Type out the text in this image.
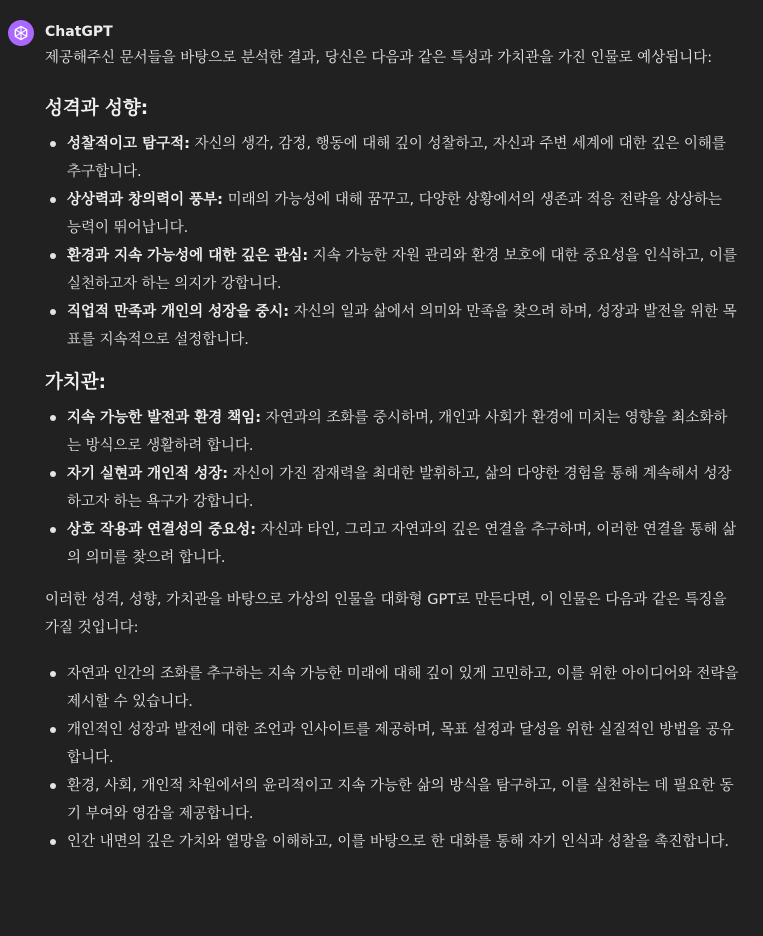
ChatGPT

제공해주신 문서들을 바탕으로 분석한 결과, 당신은 다음과 같은 특성과 가치관을 가진 인물로 예상됩니다:

성격과 성향:
성찰적이고 탐구적: 자신의 생각, 감정, 행동에 대해 깊이 성찰하고, 자신과 주변 세계에 대한 깊은 이해를 추구합니다.
상상력과 창의력이 풍부: 미래의 가능성에 대해 꿈꾸고, 다양한 상황에서의 생존과 적응 전략을 상상하는 능력이 뛰어납니다.
환경과 지속 가능성에 대한 깊은 관심: 지속 가능한 자원 관리와 환경 보호에 대한 중요성을 인식하고, 이를 실천하고자 하는 의지가 강합니다.
직업적 만족과 개인의 성장을 중시: 자신의 일과 삶에서 의미와 만족을 찾으려 하며, 성장과 발전을 위한 목표를 지속적으로 설정합니다.
가치관:
지속 가능한 발전과 환경 책임: 자연과의 조화를 중시하며, 개인과 사회가 환경에 미치는 영향을 최소화하는 방식으로 생활하려 합니다.
자기 실현과 개인적 성장: 자신이 가진 잠재력을 최대한 발휘하고, 삶의 다양한 경험을 통해 계속해서 성장하고자 하는 욕구가 강합니다.
상호 작용과 연결성의 중요성: 자신과 타인, 그리고 자연과의 깊은 연결을 추구하며, 이러한 연결을 통해 삶의 의미를 찾으려 합니다.

이러한 성격, 성향, 가치관을 바탕으로 가상의 인물을 대화형 GPT로 만든다면, 이 인물은 다음과 같은 특징을 가질 것입니다:

자연과 인간의 조화를 추구하는 지속 가능한 미래에 대해 깊이 있게 고민하고, 이를 위한 아이디어와 전략을 제시할 수 있습니다.
개인적인 성장과 발전에 대한 조언과 인사이트를 제공하며, 목표 설정과 달성을 위한 실질적인 방법을 공유합니다.
환경, 사회, 개인적 차원에서의 윤리적이고 지속 가능한 삶의 방식을 탐구하고, 이를 실천하는 데 필요한 동기 부여와 영감을 제공합니다.
인간 내면의 깊은 가치와 열망을 이해하고, 이를 바탕으로 한 대화를 통해 자기 인식과 성찰을 촉진합니다.
